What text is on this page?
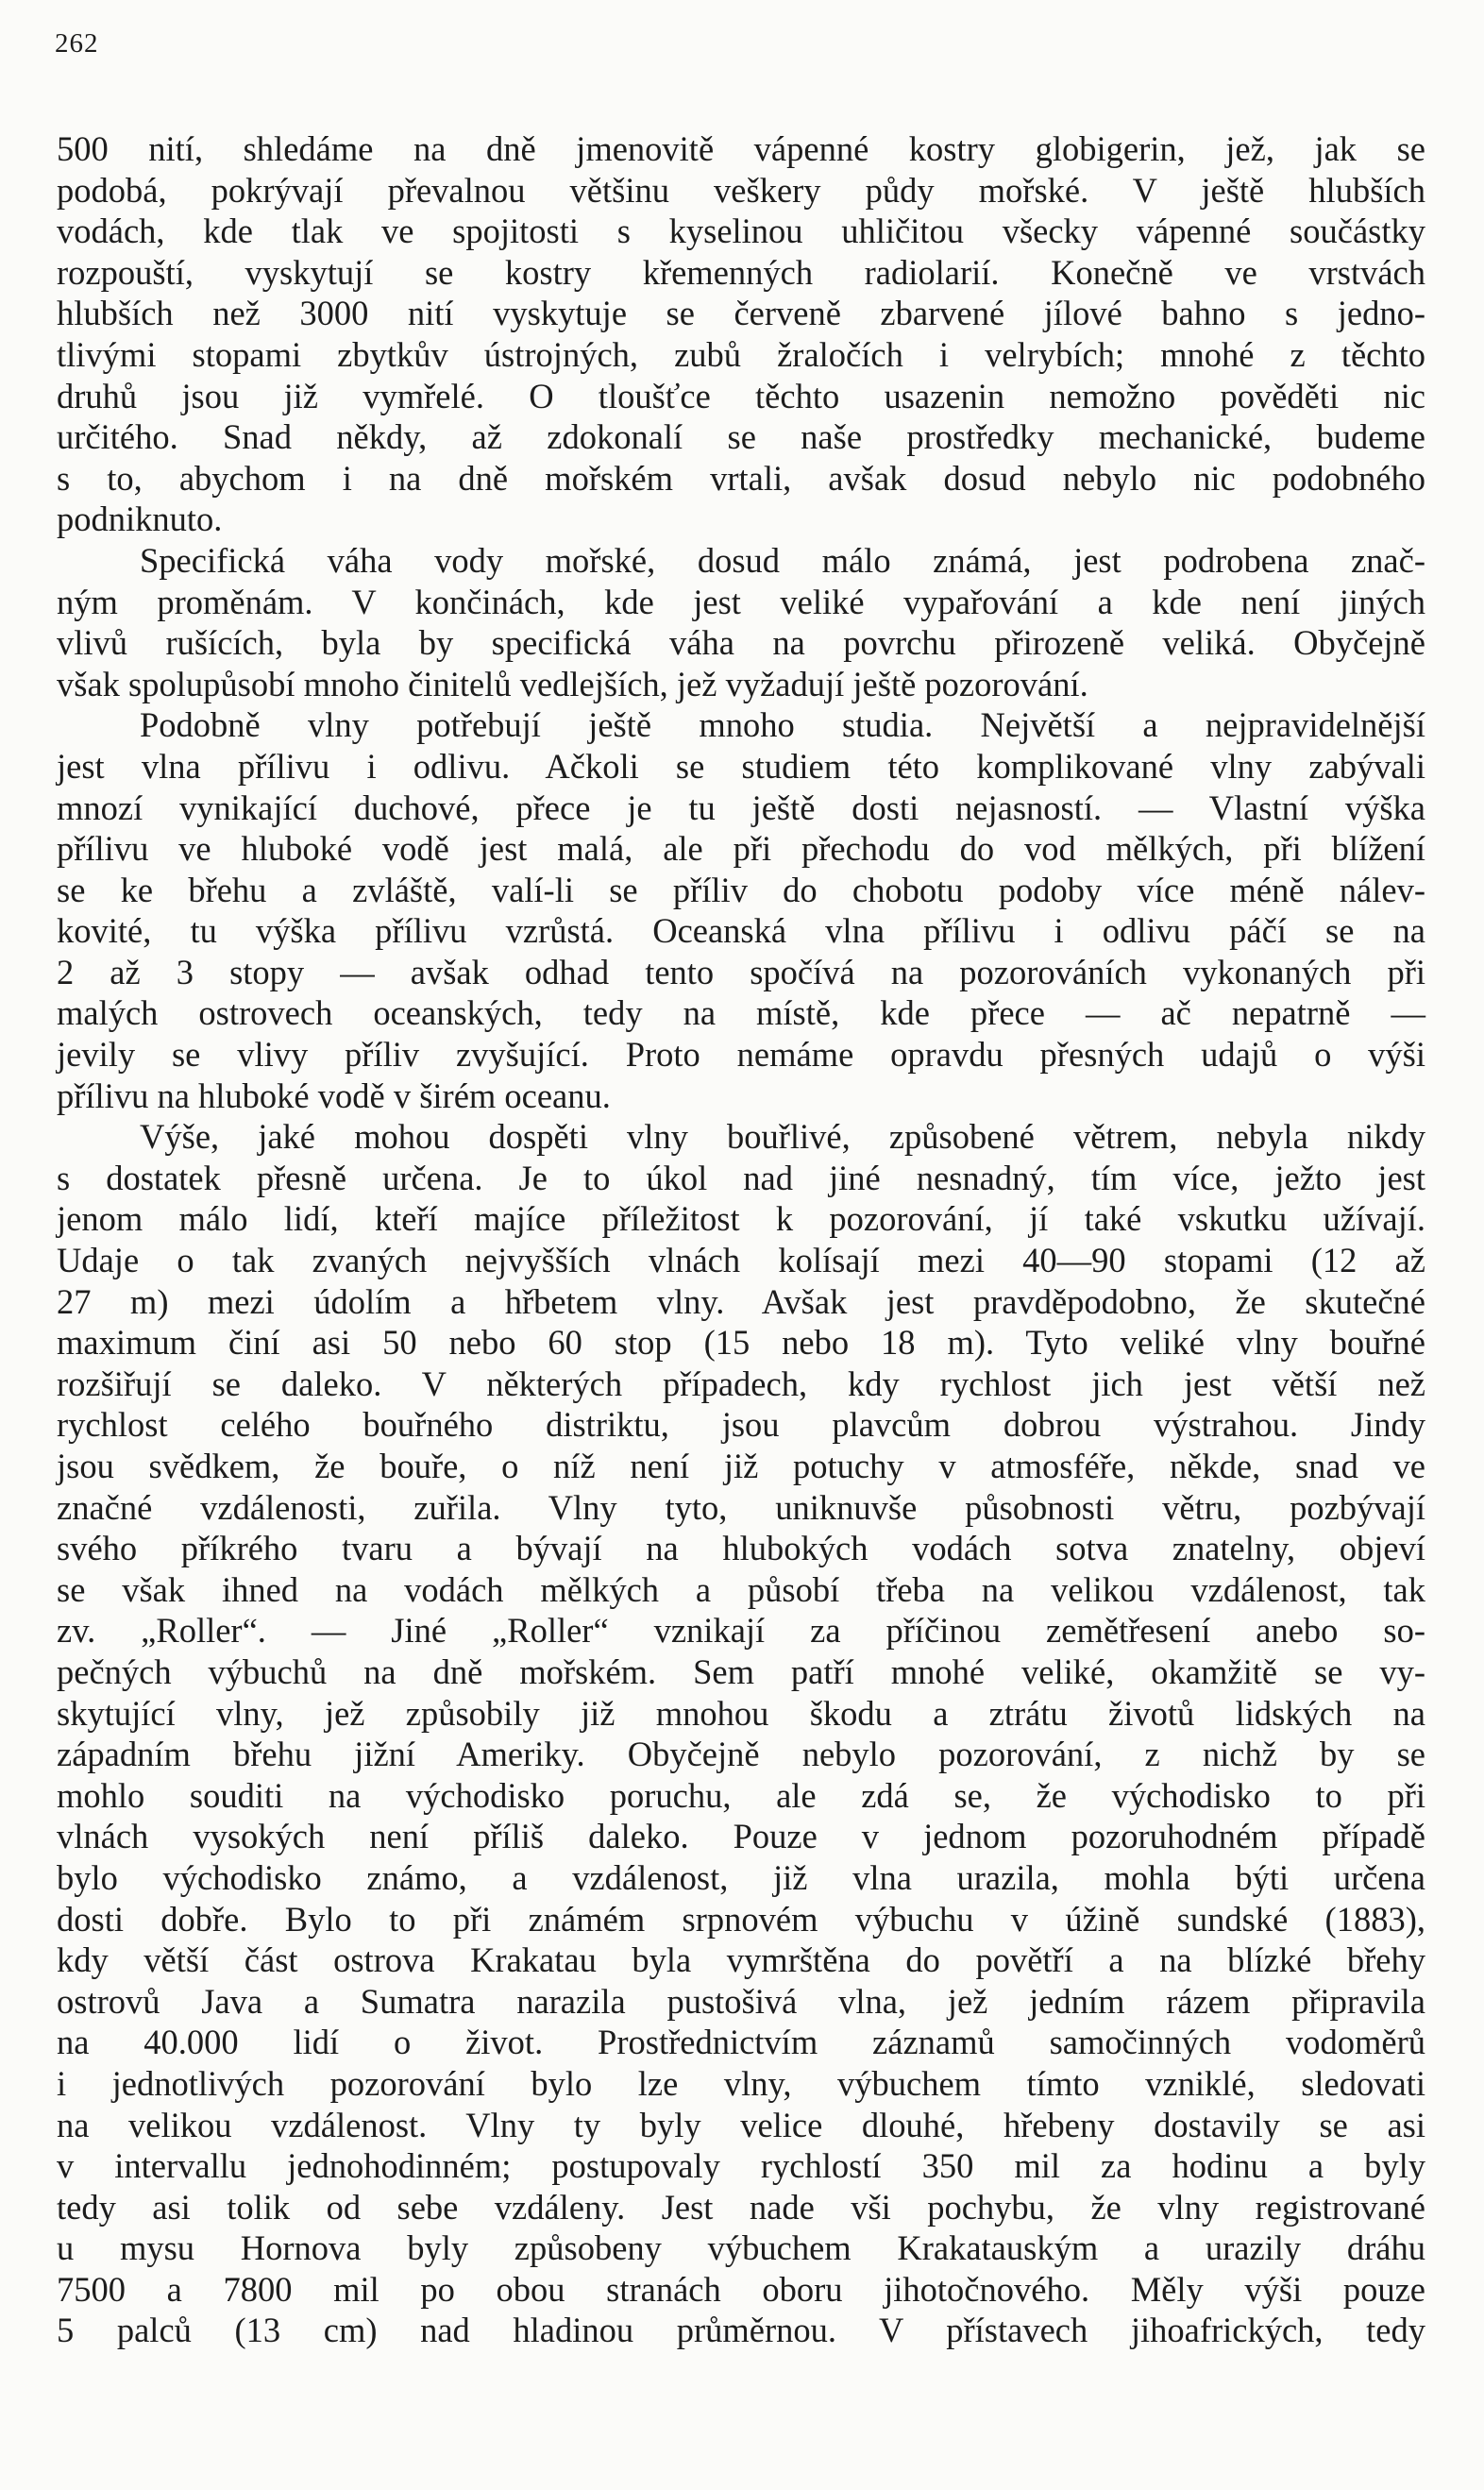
262
500 nití, shledáme na dně jmenovitě vápenné kostry globigerin, jež, jak se
podobá, pokrývají převalnou většinu veškery půdy mořské. V ještě hlubších
vodách, kde tlak ve spojitosti s kyselinou uhličitou všecky vápenné součástky
rozpouští, vyskytují se kostry křemenných radiolarií. Konečně ve vrstvách
hlubších než 3000 nití vyskytuje se červeně zbarvené jílové bahno s jedno-
tlivými stopami zbytkův ústrojných, zubů žraločích i velrybích; mnohé z těchto
druhů jsou již vymřelé. O tloušťce těchto usazenin nemožno pověděti nic
určitého. Snad někdy, až zdokonalí se naše prostředky mechanické, budeme
s to, abychom i na dně mořském vrtali, avšak dosud nebylo nic podobného
podniknuto.
Specifická váha vody mořské, dosud málo známá, jest podrobena znač-
ným proměnám. V končinách, kde jest veliké vypařování a kde není jiných
vlivů rušících, byla by specifická váha na povrchu přirozeně veliká. Obyčejně
však spolupůsobí mnoho činitelů vedlejších, jež vyžadují ještě pozorování.
Podobně vlny potřebují ještě mnoho studia. Největší a nejpravidelnější
jest vlna přílivu i odlivu. Ačkoli se studiem této komplikované vlny zabývali
mnozí vynikající duchové, přece je tu ještě dosti nejasností. — Vlastní výška
přílivu ve hluboké vodě jest malá, ale při přechodu do vod mělkých, při blížení
se ke břehu a zvláště, valí-li se příliv do chobotu podoby více méně nálev-
kovité, tu výška přílivu vzrůstá. Oceanská vlna přílivu i odlivu páčí se na
2 až 3 stopy — avšak odhad tento spočívá na pozorováních vykonaných při
malých ostrovech oceanských, tedy na místě, kde přece — ač nepatrně —
jevily se vlivy příliv zvyšující. Proto nemáme opravdu přesných udajů o výši
přílivu na hluboké vodě v širém oceanu.
Výše, jaké mohou dospěti vlny bouřlivé, způsobené větrem, nebyla nikdy
s dostatek přesně určena. Je to úkol nad jiné nesnadný, tím více, ježto jest
jenom málo lidí, kteří majíce příležitost k pozorování, jí také vskutku užívají.
Udaje o tak zvaných nejvyšších vlnách kolísají mezi 40—90 stopami (12 až
27 m) mezi údolím a hřbetem vlny. Avšak jest pravděpodobno, že skutečné
maximum činí asi 50 nebo 60 stop (15 nebo 18 m). Tyto veliké vlny bouřné
rozšiřují se daleko. V některých případech, kdy rychlost jich jest větší než
rychlost celého bouřného distriktu, jsou plavcům dobrou výstrahou. Jindy
jsou svědkem, že bouře, o níž není již potuchy v atmosféře, někde, snad ve
značné vzdálenosti, zuřila. Vlny tyto, uniknuvše působnosti větru, pozbývají
svého příkrého tvaru a bývají na hlubokých vodách sotva znatelny, objeví
se však ihned na vodách mělkých a působí třeba na velikou vzdálenost, tak
zv. „Roller“. — Jiné „Roller“ vznikají za příčinou zemětřesení anebo so-
pečných výbuchů na dně mořském. Sem patří mnohé veliké, okamžitě se vy-
skytující vlny, jež způsobily již mnohou škodu a ztrátu životů lidských na
západním břehu jižní Ameriky. Obyčejně nebylo pozorování, z nichž by se
mohlo souditi na východisko poruchu, ale zdá se, že východisko to při
vlnách vysokých není příliš daleko. Pouze v jednom pozoruhodném případě
bylo východisko známo, a vzdálenost, již vlna urazila, mohla býti určena
dosti dobře. Bylo to při známém srpnovém výbuchu v úžině sundské (1883),
kdy větší část ostrova Krakatau byla vymrštěna do povětří a na blízké břehy
ostrovů Java a Sumatra narazila pustošivá vlna, jež jedním rázem připravila
na 40.000 lidí o život. Prostřednictvím záznamů samočinných vodoměrů
i jednotlivých pozorování bylo lze vlny, výbuchem tímto vzniklé, sledovati
na velikou vzdálenost. Vlny ty byly velice dlouhé, hřebeny dostavily se asi
v intervallu jednohodinném; postupovaly rychlostí 350 mil za hodinu a byly
tedy asi tolik od sebe vzdáleny. Jest nade vši pochybu, že vlny registrované
u mysu Hornova byly způsobeny výbuchem Krakatauským a urazily dráhu
7500 a 7800 mil po obou stranách oboru jihotočnového. Měly výši pouze
5 palců (13 cm) nad hladinou průměrnou. V přístavech jihoafrických, tedy
